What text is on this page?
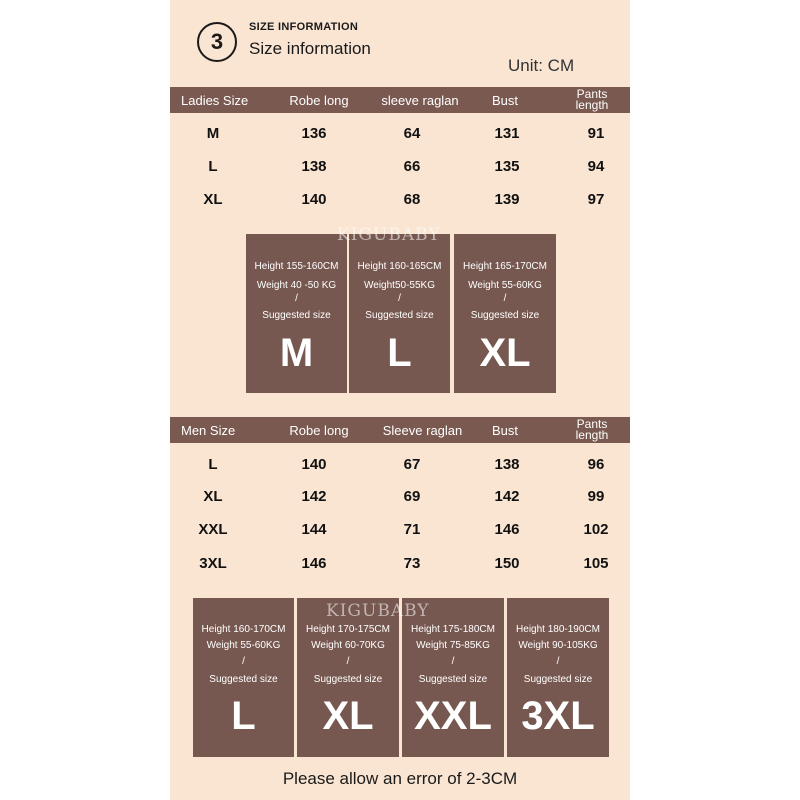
3
SIZE INFORMATION
Size information
Unit: CM
Ladies Size	Robe long	sleeve raglan	Bust	Pants
length
M	136	64	131	91
L	138	66	135	94
XL	140	68	139	97
Height 155-160CM
Weight 40 -50 KG
/
Suggested size
M
Height 160-165CM
Weight50-55KG
/
Suggested size
L
Height 165-170CM
Weight 55-60KG
/
Suggested size
XL
KIGUBABY
Men Size	Robe long	Sleeve raglan	Bust	Pants
length
L	140	67	138	96
XL	142	69	142	99
XXL	144	71	146	102
3XL	146	73	150	105
Height 160-170CM
Weight 55-60KG
/
Suggested size
L
Height 170-175CM
Weight 60-70KG
/
Suggested size
XL
Height 175-180CM
Weight 75-85KG
/
Suggested size
XXL
Height 180-190CM
Weight 90-105KG
/
Suggested size
3XL
KIGUBABY
Please allow an error of 2-3CM
